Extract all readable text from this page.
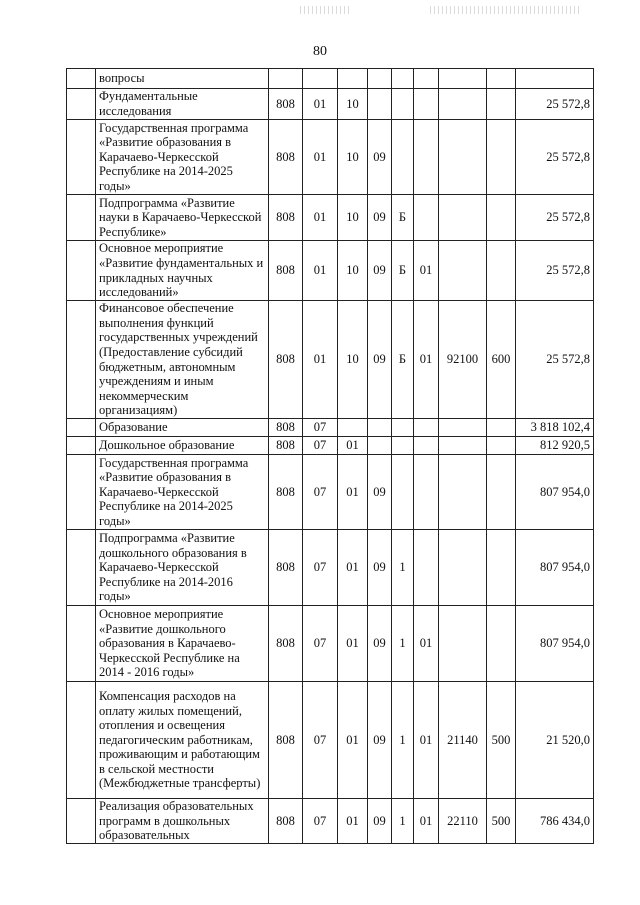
80
	вопросы									
	Фундаментальные исследования	808	01	10						25 572,8
	Государственная программа «Развитие образования в Карачаево-Черкесской Республике на 2014-2025 годы»	808	01	10	09					25 572,8
	Подпрограмма «Развитие науки в Карачаево-Черкесской Республике»	808	01	10	09	Б				25 572,8
	Основное мероприятие «Развитие фундаментальных и прикладных научных исследований»	808	01	10	09	Б	01			25 572,8
	Финансовое обеспечение выполнения функций государственных учреждений (Предоставление субсидий бюджетным, автономным учреждениям и иным некоммерческим организациям)	808	01	10	09	Б	01	92100	600	25 572,8
	Образование	808	07							3 818 102,4
	Дошкольное образование	808	07	01						812 920,5
	Государственная программа «Развитие образования в Карачаево-Черкесской Республике на 2014-2025 годы»	808	07	01	09					807 954,0
	Подпрограмма «Развитие дошкольного образования в Карачаево-Черкесской Республике на 2014-2016 годы»	808	07	01	09	1				807 954,0
	Основное мероприятие «Развитие дошкольного образования в Карачаево-Черкесской Республике на 2014 - 2016 годы»	808	07	01	09	1	01			807 954,0
	Компенсация расходов на оплату жилых помещений, отопления и освещения педагогическим работникам, проживающим и работающим в сельской местности (Межбюджетные трансферты)	808	07	01	09	1	01	21140	500	21 520,0
	Реализация образовательных программ в дошкольных образовательных	808	07	01	09	1	01	22110	500	786 434,0
